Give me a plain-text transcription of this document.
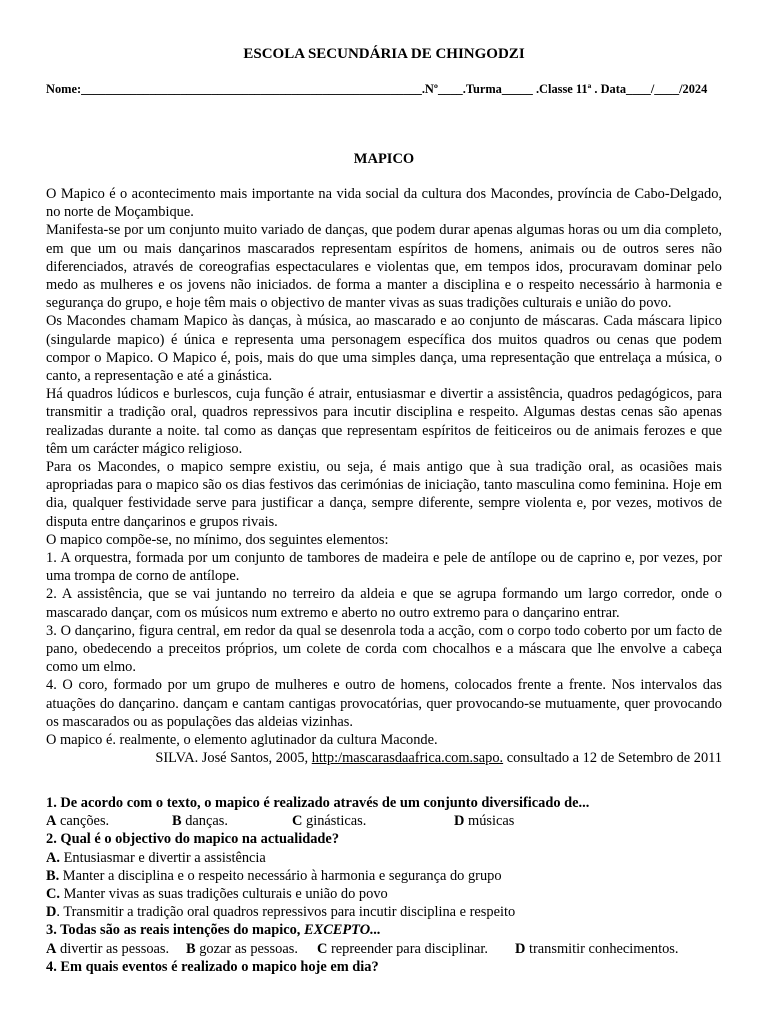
ESCOLA SECUNDÁRIA DE CHINGODZI
Nome:_______________________________________________________.Nº____.Turma_____ .Classe 11ª . Data____/____/2024
MAPICO

O Mapico é o acontecimento mais importante na vida social da cultura dos Macondes, província de Cabo-Delgado, no norte de Moçambique.

Manifesta-se por um conjunto muito variado de danças, que podem durar apenas algumas horas ou um dia completo, em que um ou mais dançarinos mascarados representam espíritos de homens, animais ou de outros seres não diferenciados, através de coreografias espectaculares e violentas que, em tempos idos, procuravam dominar pelo medo as mulheres e os jovens não iniciados. de forma a manter a disciplina e o respeito necessário à harmonia e segurança do grupo, e hoje têm mais o objectivo de manter vivas as suas tradições culturais e união do povo.

Os Macondes chamam Mapico às danças, à música, ao mascarado e ao conjunto de máscaras. Cada máscara lipico (singularde mapico) é única e representa uma personagem específica dos muitos quadros ou cenas que podem compor o Mapico. O Mapico é, pois, mais do que uma simples dança, uma representação que entrelaça a música, o canto, a representação e até a ginástica.

Há quadros lúdicos e burlescos, cuja função é atrair, entusiasmar e divertir a assistência, quadros pedagógicos, para transmitir a tradição oral, quadros repressivos para incutir disciplina e respeito. Algumas destas cenas são apenas realizadas durante a noite. tal como as danças que representam espíritos de feiticeiros ou de animais ferozes e que têm um carácter mágico religioso.

Para os Macondes, o mapico sempre existiu, ou seja, é mais antigo que à sua tradição oral, as ocasiões mais apropriadas para o mapico são os dias festivos das cerimónias de iniciação, tanto masculina como feminina. Hoje em dia, qualquer festividade serve para justificar a dança, sempre diferente, sempre violenta e, por vezes, motivos de disputa entre dançarinos e grupos rivais.

O mapico compõe-se, no mínimo, dos seguintes elementos:

1. A orquestra, formada por um conjunto de tambores de madeira e pele de antílope ou de caprino e, por vezes, por uma trompa de corno de antílope.

2. A assistência, que se vai juntando no terreiro da aldeia e que se agrupa formando um largo corredor, onde o mascarado dançar, com os músicos num extremo e aberto no outro extremo para o dançarino entrar.

3. O dançarino, figura central, em redor da qual se desenrola toda a acção, com o corpo todo coberto por um facto de pano, obedecendo a preceitos próprios, um colete de corda com chocalhos e a máscara que lhe envolve a cabeça como um elmo.

4. O coro, formado por um grupo de mulheres e outro de homens, colocados frente a frente. Nos intervalos das atuações do dançarino. dançam e cantam cantigas provocatórias, quer provocando-se mutuamente, quer provocando os mascarados ou as populações das aldeias vizinhas.

O mapico é. realmente, o elemento aglutinador da cultura Maconde.

SILVA. José Santos, 2005, http:/mascarasdaafrica.com.sapo. consultado a 12 de Setembro de 2011

1. De acordo com o texto, o mapico é realizado através de um conjunto diversificado de...

A canções.	B danças.	C ginásticas.	D músicas

2. Qual é o objectivo do mapico na actualidade?

A. Entusiasmar e divertir a assistência

B. Manter a disciplina e o respeito necessário à harmonia e segurança do grupo

C. Manter vivas as suas tradições culturais e união do povo

D. Transmitir a tradição oral quadros repressivos para incutir disciplina e respeito

3. Todas são as reais intenções do mapico, EXCEPTO...

A divertir as pessoas. B gozar as pessoas. C repreender para disciplinar. D transmitir conhecimentos.

4. Em quais eventos é realizado o mapico hoje em dia?
